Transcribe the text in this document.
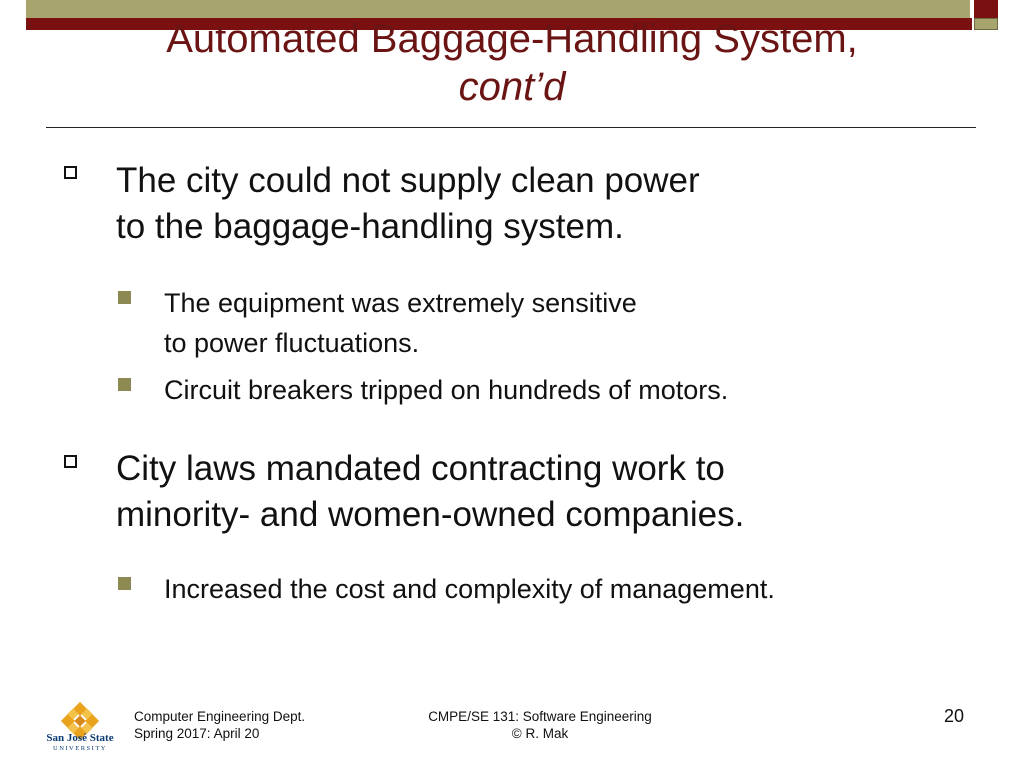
Automated Baggage-Handling System,
cont’d
The city could not supply clean power
to the baggage-handling system.
The equipment was extremely sensitive
to power fluctuations.
Circuit breakers tripped on hundreds of motors.
City laws mandated contracting work to
minority- and women-owned companies.
Increased the cost and complexity of management.
San José State
UNIVERSITY
Computer Engineering Dept.
Spring 2017: April 20
CMPE/SE 131: Software Engineering
© R. Mak
20
